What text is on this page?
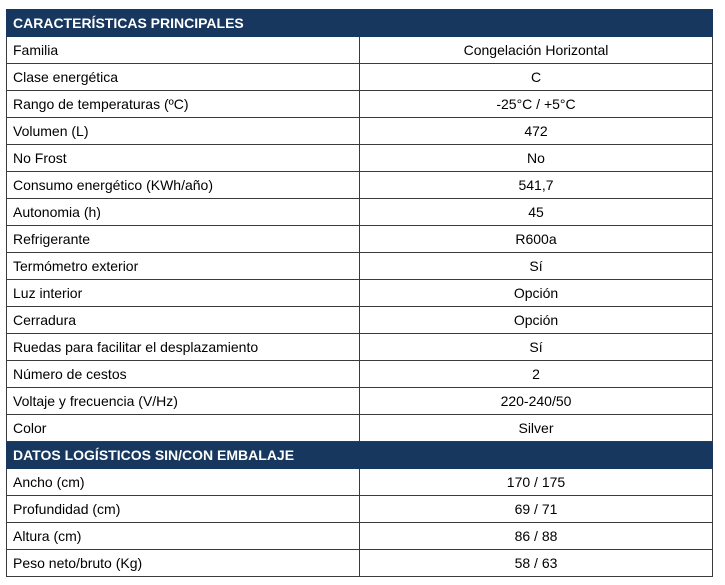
CARACTERÍSTICAS PRINCIPALES	
Familia	Congelación Horizontal
Clase energética	C
Rango de temperaturas (ºC)	-25°C / +5°C
Volumen (L)	472
No Frost	No
Consumo energético (KWh/año)	541,7
Autonomia (h)	45
Refrigerante	R600a
Termómetro exterior	Sí
Luz interior	Opción
Cerradura	Opción
Ruedas para facilitar el desplazamiento	Sí
Número de cestos	2
Voltaje y frecuencia (V/Hz)	220-240/50
Color	Silver
DATOS LOGÍSTICOS SIN/CON EMBALAJE	
Ancho (cm)	170 / 175
Profundidad (cm)	69 / 71
Altura (cm)	86 / 88
Peso neto/bruto (Kg)	58 / 63
